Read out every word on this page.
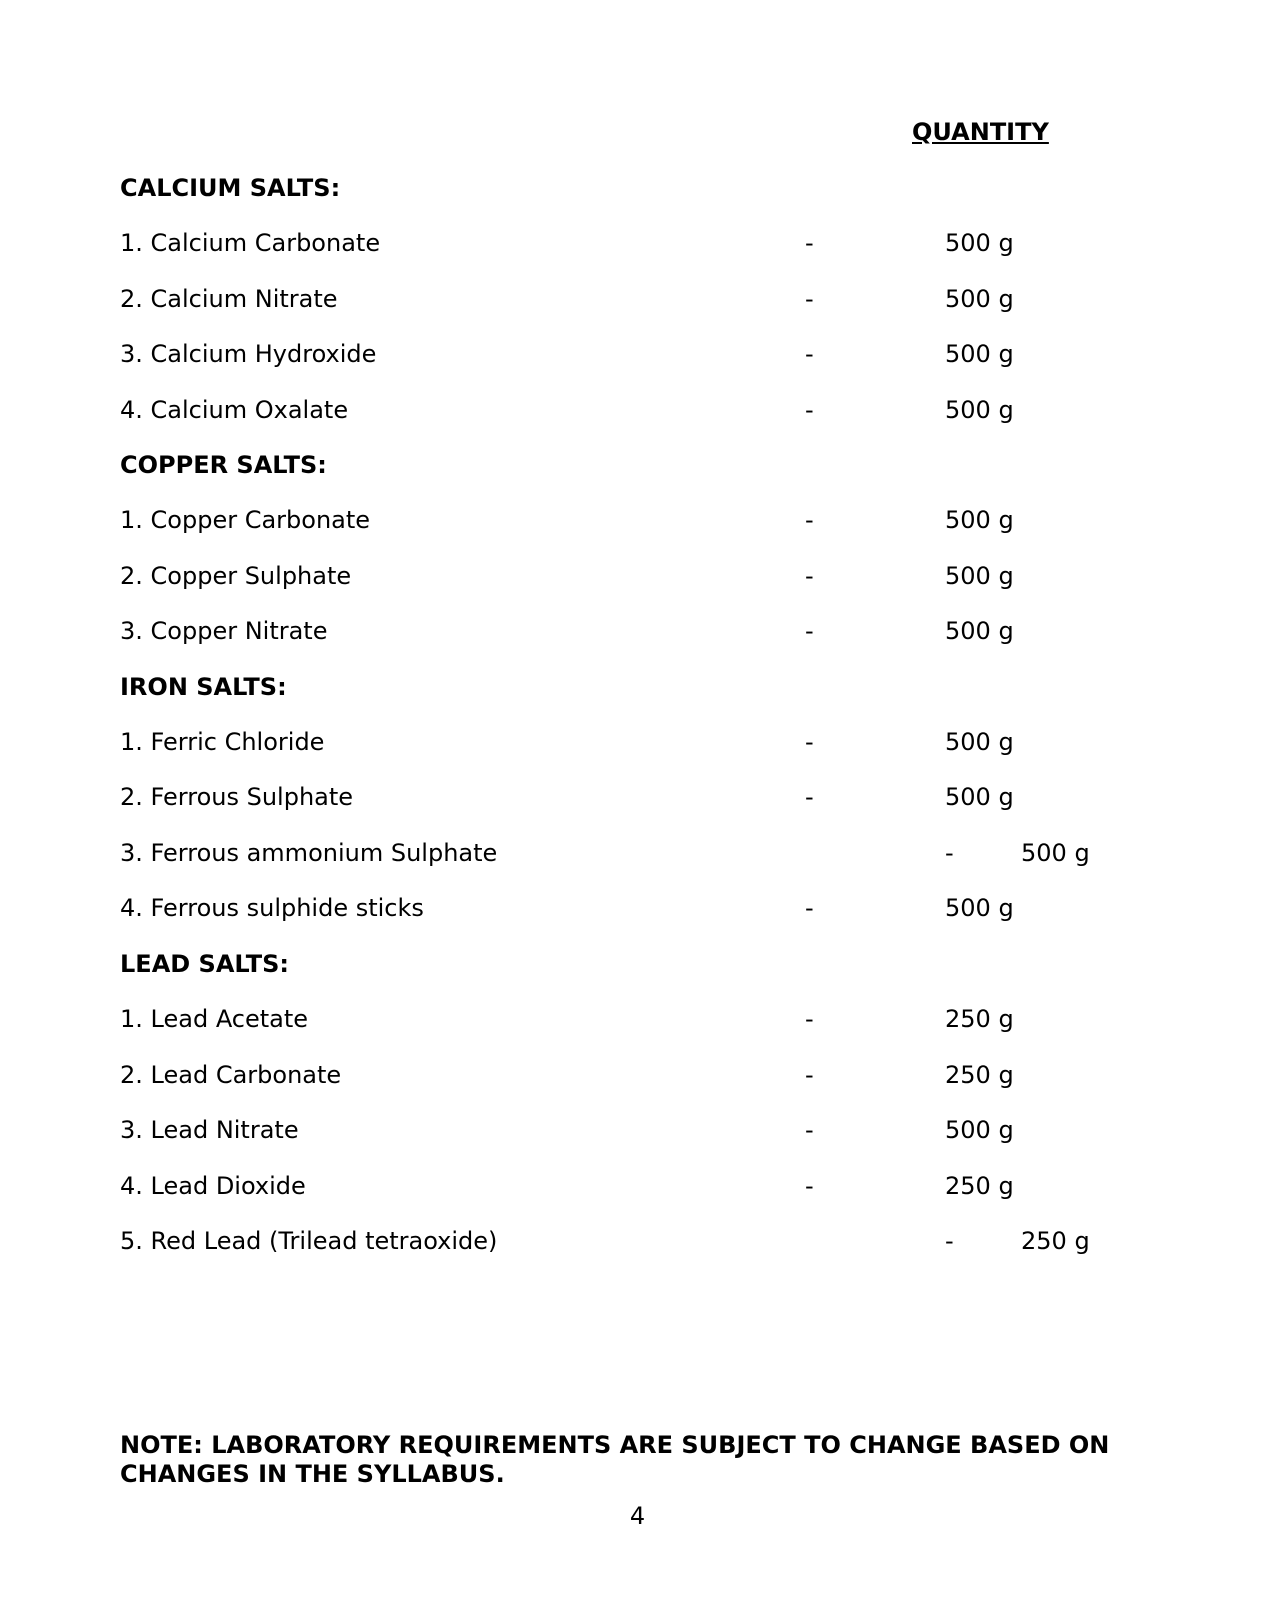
QUANTITY
CALCIUM SALTS:
1. Calcium Carbonate	-	500 g
2. Calcium Nitrate	-	500 g
3. Calcium Hydroxide	-	500 g
4. Calcium Oxalate	-	500 g
COPPER SALTS:
1. Copper Carbonate	-	500 g
2. Copper Sulphate	-	500 g
3. Copper Nitrate	-	500 g
IRON SALTS:
1. Ferric Chloride	-	500 g
2. Ferrous Sulphate	-	500 g
3. Ferrous ammonium Sulphate	-	500 g
4. Ferrous sulphide sticks	-	500 g
LEAD SALTS:
1. Lead Acetate	-	250 g
2. Lead Carbonate	-	250 g
3. Lead Nitrate	-	500 g
4. Lead Dioxide	-	250 g
5. Red Lead (Trilead tetraoxide)	-	250 g
NOTE: LABORATORY REQUIREMENTS ARE SUBJECT TO CHANGE BASED ON CHANGES IN THE SYLLABUS.
4
